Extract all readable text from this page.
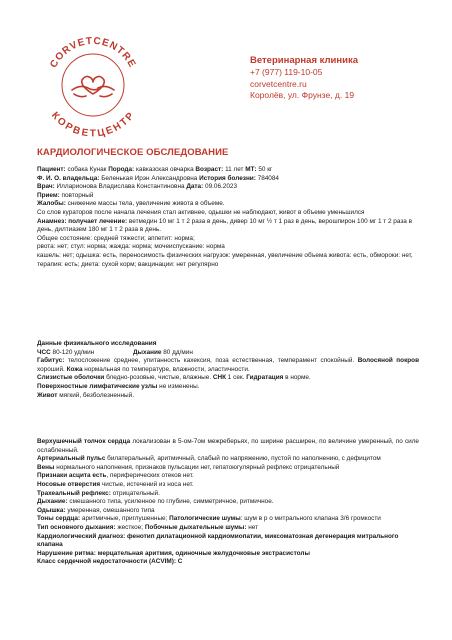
CORVETCENTRE
КОРВЕТЦЕНТР
Ветеринарная клиника
+7 (977) 119-10-05
corvetcentre.ru
Королёв, ул. Фрунзе, д. 19
КАРДИОЛОГИЧЕСКОЕ ОБСЛЕДОВАНИЕ

Пациент: собака Кунак Порода: кавказская овчарка Возраст: 11 лет МТ: 50 кг

Ф. И. О. владельца: Беленькая Ирэн Александровна История болезни: 784084

Врач: Илларионова Владислава Константиновна Дата: 09.06.2023

Прием: повторный

Жалобы: снижение массы тела, увеличение живота в объеме.

Со слов кураторов после начала лечения стал активнее, одышки не наблюдают, живот в объеме уменьшился

Анамнез: получает лечение: ветмедин 10 мг 1 т 2 раза в день, дивер 10 мг ½ т 1 раз в день, верошпирон 100 мг 1 т 2 раза в день, дилтиазем 180 мг 1 т 2 раза в день.

Общее состояние: средней тяжести; аппетит: норма;

рвота: нет; стул: норма; жажда: норма; мочеиспускание: норма

кашель: нет; одышка: есть, переносимость физических нагрузок: умеренная, увеличение объема живота: есть, обмороки: нет, терапия: есть; диета: сухой корм; вакцинации: нет регулярно

Данные физикального исследования

ЧСС 80-120 уд/мин	Дыхание 80 дд/мин

Габитус: телосложение среднее, упитанность кахексия, поза естественная, темперамент спокойный. Волосяной покров хороший. Кожа нормальная по температуре, влажности, эластичности.

Слизистые оболочки бледно-розовые, чистые, влажные. СНК 1 сек. Гидратация в норме.

Поверхностные лимфатические узлы не изменены.

Живот мягкий, безболезненный.

Верхушечный толчок сердца локализован в 5-ом-7ом межреберьях, по ширине расширен, по величине умеренный, по силе ослабленный.

Артериальный пульс билатеральный, аритмичный, слабый по напряжению, пустой по наполнению, с дефицитом

Вены нормального наполнения, признаков пульсации нет, гепатоюгулярный рефлекс отрицательный

Признаки асцита есть, периферических отеков нет.

Носовые отверстия чистые, истечений из носа нет.

Трахеальный рефлекс: отрицательный.

Дыхание: смешанного типа, усиленное по глубине, симметричное, ритмичное.

Одышка: умеренная, смешанного типа

Тоны сердца: аритмичные, приглушенные; Патологические шумы: шум в р о митрального клапана 3/6 громкости

Тип основного дыхания: жесткое; Побочные дыхательные шумы: нет

Кардиологический диагноз: фенотип дилатационной кардиомиопатии, миксоматозная дегенерация митрального клапана

Нарушение ритма: мерцательная аритмия, одиночные желудочковые экстрасистолы

Класс сердечной недостаточности (ACVIM): С
